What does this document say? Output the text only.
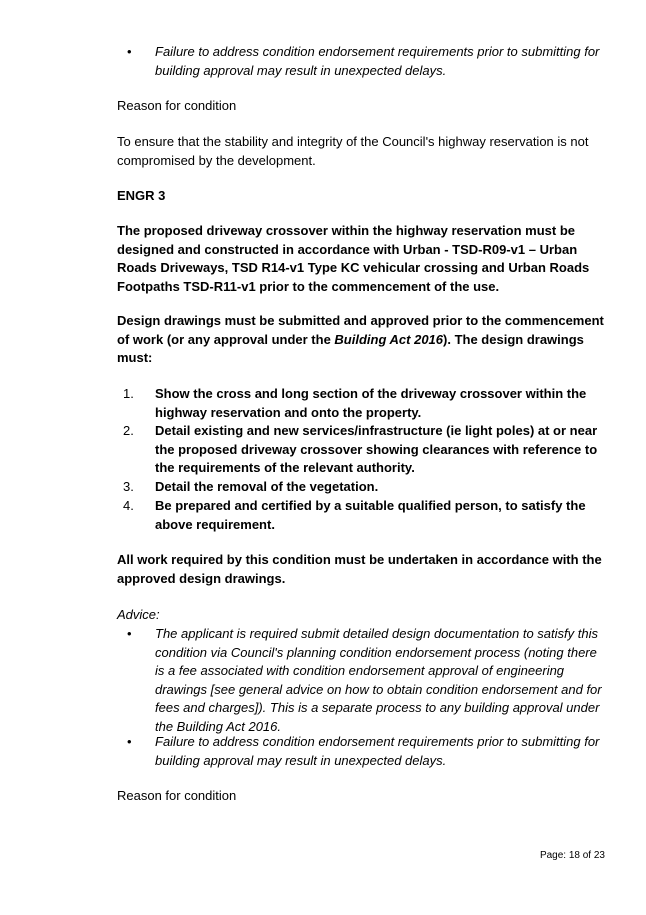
•	Failure to address condition endorsement requirements prior to submitting for building approval may result in unexpected delays.
Reason for condition
To ensure that the stability and integrity of the Council's highway reservation is not compromised by the development.
ENGR 3
The proposed driveway crossover within the highway reservation must be designed and constructed in accordance with Urban - TSD-R09-v1 – Urban Roads Driveways, TSD R14-v1 Type KC vehicular crossing and Urban Roads Footpaths TSD-R11-v1 prior to the commencement of the use.
Design drawings must be submitted and approved prior to the commencement of work (or any approval under the Building Act 2016). The design drawings must:
1. Show the cross and long section of the driveway crossover within the highway reservation and onto the property.
2. Detail existing and new services/infrastructure (ie light poles) at or near the proposed driveway crossover showing clearances with reference to the requirements of the relevant authority.
3. Detail the removal of the vegetation.
4. Be prepared and certified by a suitable qualified person, to satisfy the above requirement.
All work required by this condition must be undertaken in accordance with the approved design drawings.
Advice:
•	The applicant is required submit detailed design documentation to satisfy this condition via Council's planning condition endorsement process (noting there is a fee associated with condition endorsement approval of engineering drawings [see general advice on how to obtain condition endorsement and for fees and charges]). This is a separate process to any building approval under the Building Act 2016.
•	Failure to address condition endorsement requirements prior to submitting for building approval may result in unexpected delays.
Reason for condition
Page: 18 of 23
